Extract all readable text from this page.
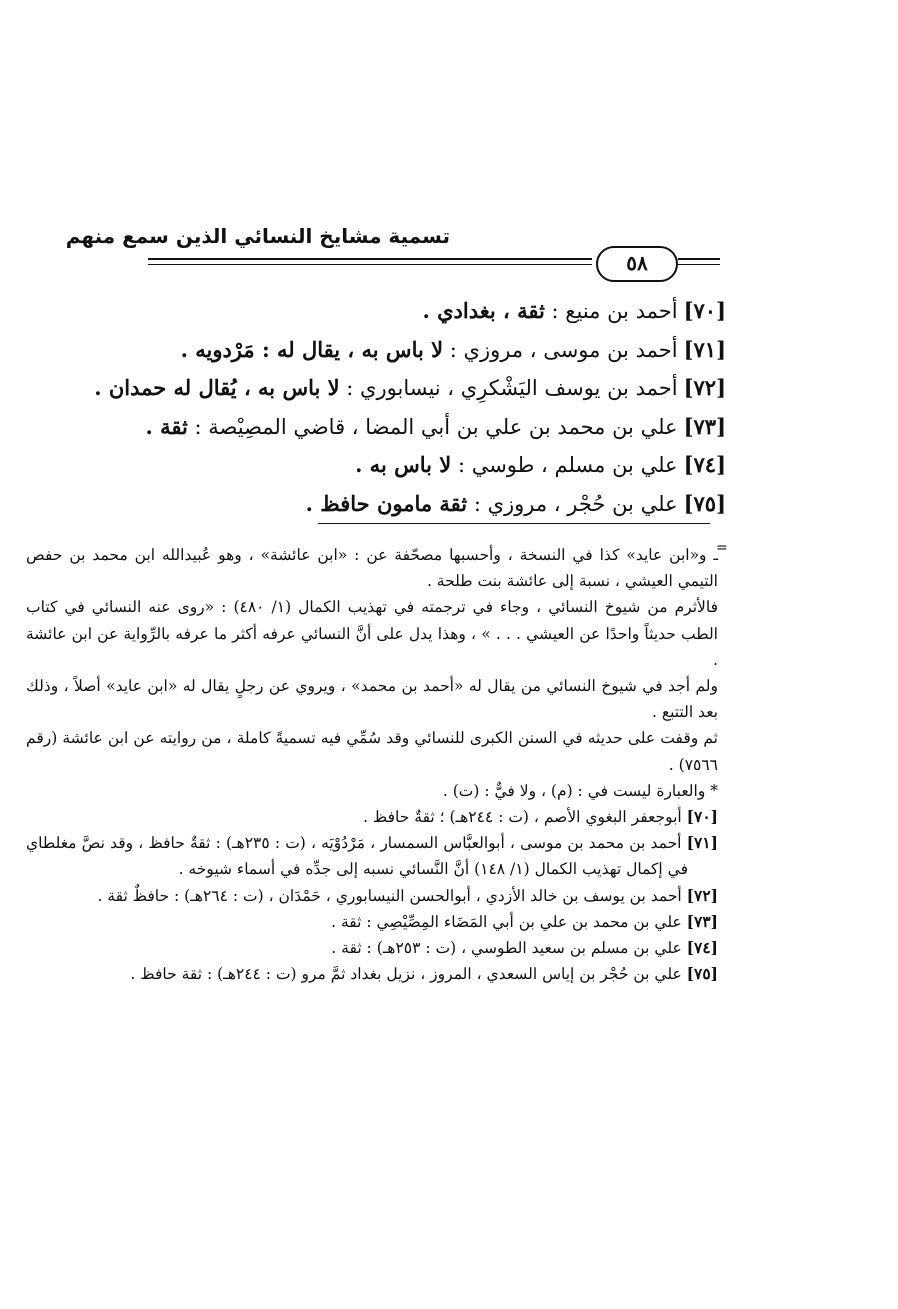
تسمية مشايخ النسائي الذين سمع منهم
٥٨
[٧٠]أحمد بن منيع : ثقة ، بغدادي .
[٧١]أحمد بن موسى ، مروزي : لا باس به ، يقال له : مَرْدويه .
[٧٢]أحمد بن يوسف اليَشْكرِي ، نيسابوري : لا باس به ، يُقال له حمدان .
[٧٣]علي بن محمد بن علي بن أبي المضا ، قاضي المصِيْصة : ثقة .
[٧٤]علي بن مسلم ، طوسي : لا باس به .
[٧٥]علي بن حُجْر ، مروزي : ثقة مامون حافظ .
=

ـ و«ابن عايد» كذا في النسخة ، وأحسبها مصحّفة عن : «ابن عائشة» ، وهو عُبيدالله ابن محمد بن حفص التيمي العيشي ، نسبة إلى عائشة بنت طلحة .

فالأثرم من شيوخ النسائي ، وجاء في ترجمته في تهذيب الكمال (١/ ٤٨٠) : «روى عنه النسائي في كتاب الطب حديثاً واحدًا عن العيشي . . . » ، وهذا يدل على أنَّ النسائي عرفه أكثر ما عرفه بالرِّواية عن ابن عائشة .

ولم أجد في شيوخ النسائي من يقال له «أحمد بن محمد» ، ويروي عن رجلٍ يقال له «ابن عايد» أصلاً ، وذلك بعد التتبع .

ثم وقفت على حديثه في السنن الكبرى للنسائي وقد سُمِّي فيه تسميةً كاملة ، من روايته عن ابن عائشة (رقم ٧٥٦٦) .

* والعبارة ليست في : (م) ، ولا فيٌّ : (ت) .

[٧٠] أبوجعفر البغوي الأصم ، (ت : ٢٤٤هـ) ؛ ثقةٌ حافظ .

[٧١] أحمد بن محمد بن موسى ، أبوالعبَّاس السمسار ، مَرْدُوْيَه ، (ت : ٢٣٥هـ) : ثقةٌ حافظ ، وقد نصَّ مغلطاي في إكمال تهذيب الكمال (١/ ١٤٨) أنَّ النَّسائي نسبه إلى جدِّه في أسماء شيوخه .

[٧٢] أحمد بن يوسف بن خالد الأزدي ، أبوالحسن النيسابوري ، حَمْدَان ، (ت : ٢٦٤هـ) : حافظٌ ثقة .

[٧٣] علي بن محمد بن علي بن أبي المَضَاء المِصِّيْصِي : ثقة .

[٧٤] علي بن مسلم بن سعيد الطوسي ، (ت : ٢٥٣هـ) : ثقة .

[٧٥] علي بن حُجْر بن إياس السعدي ، المروز ، نزيل بغداد ثمَّ مرو (ت : ٢٤٤هـ) : ثقة حافظ .
